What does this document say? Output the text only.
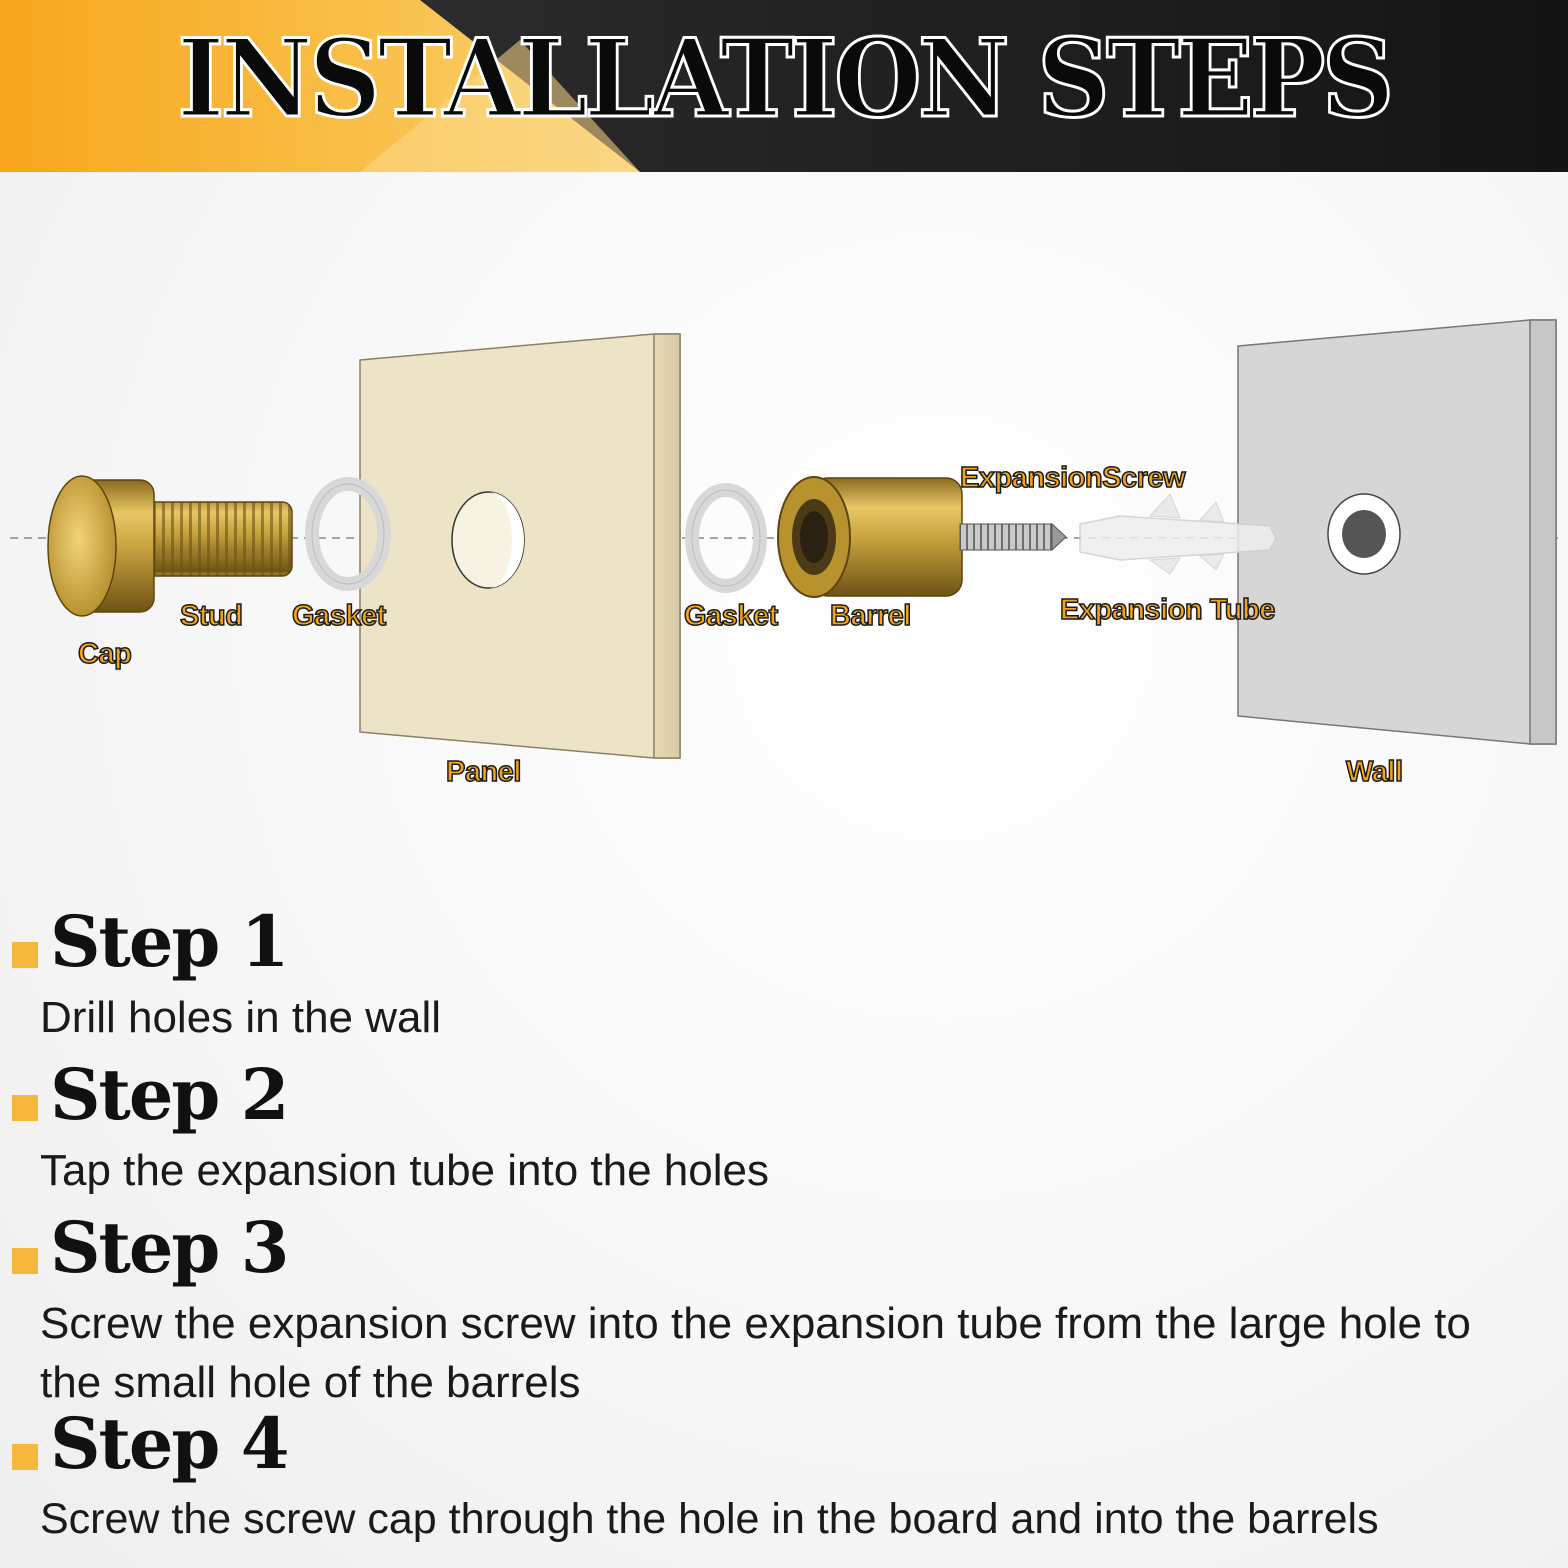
INSTALLATION STEPS
Cap
Stud Gasket
Panel
Gasket Barrel
ExpansionScrew
Expansion Tube
Wall
Step 1
Drill holes in the wall
Step 2
Tap the expansion tube into the holes
Step 3
Screw the expansion screw into the expansion tube from the large hole to the small hole of the barrels
Step 4
Screw the screw cap through the hole in the board and into the barrels
